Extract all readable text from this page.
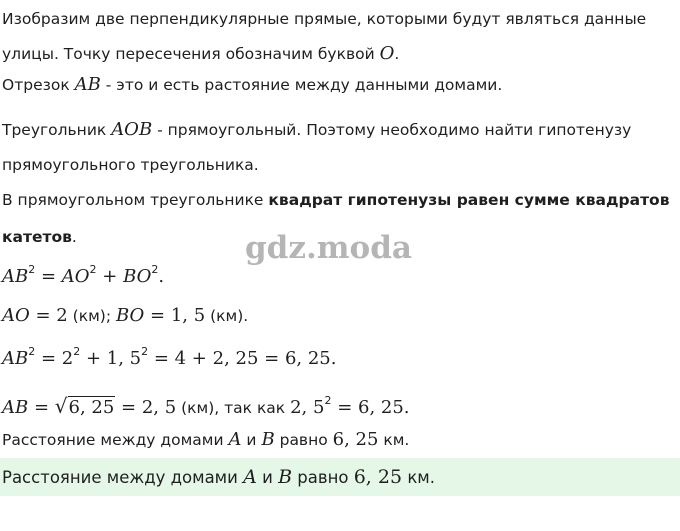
Изобразим две перпендикулярные прямые, которыми будут являться данные
улицы. Точку пересечения обозначим буквой O.
Отрезок AB - это и есть растояние между данными домами.
Треугольник AOB - прямоугольный. Поэтому необходимо найти гипотенузу
прямоугольного треугольника.
В прямоугольном треугольнике квадрат гипотенузы равен сумме квадратов
катетов.	gdz.moda
$AB^2 = AO^2 + BO^2$.
AO = 2 (км); BO = 1, 5 (км).
$AB^2 = 2^2 + 1$, $5^2 = 4 + 2$, 25 = 6, 25.
AB = √6, 25 = 2, 5 (км), так как 2, $5^2 = 6$, 25.
Расстояние между домами A и B равно 6, 25 км.
Расстояние между домами A и B равно 6, 25 км.
